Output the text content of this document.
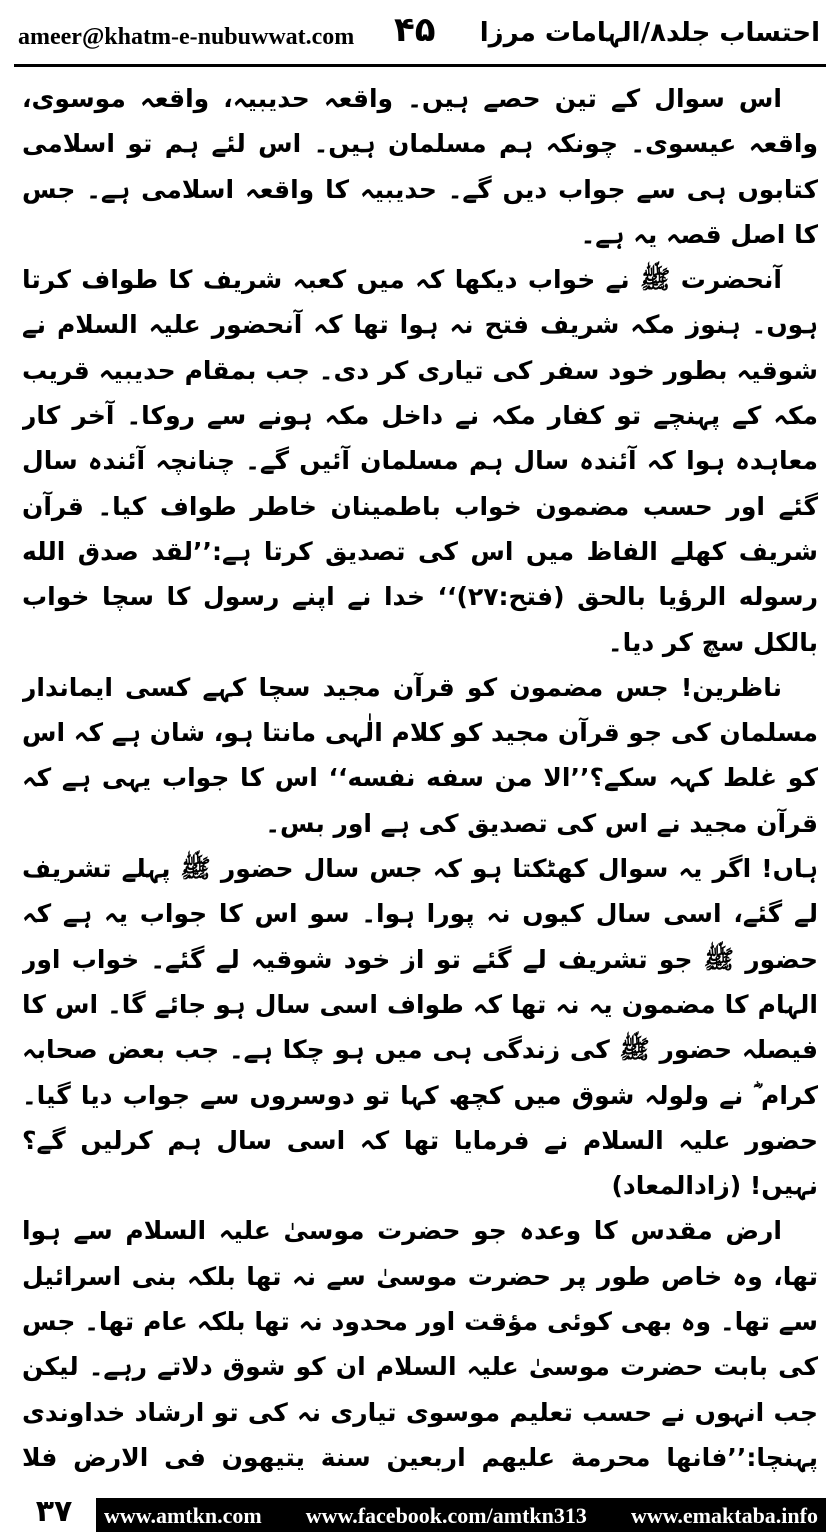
ameer@khatm-e-nubuwwat.com ۴۵ احتساب جلد۸/الہامات مرزا

اس سوال کے تین حصے ہیں۔ واقعہ حدیبیہ، واقعہ موسوی، واقعہ عیسوی۔ چونکہ ہم مسلمان ہیں۔ اس لئے ہم تو اسلامی کتابوں ہی سے جواب دیں گے۔ حدیبیہ کا واقعہ اسلامی ہے۔ جس کا اصل قصہ یہ ہے۔

آنحضرت ﷺ نے خواب دیکھا کہ میں کعبہ شریف کا طواف کرتا ہوں۔ ہنوز مکہ شریف فتح نہ ہوا تھا کہ آنحضور علیہ السلام نے شوقیہ بطور خود سفر کی تیاری کر دی۔ جب بمقام حدیبیہ قریب مکہ کے پہنچے تو کفار مکہ نے داخل مکہ ہونے سے روکا۔ آخر کار معاہدہ ہوا کہ آئندہ سال ہم مسلمان آئیں گے۔ چنانچہ آئندہ سال گئے اور حسب مضمون خواب باطمینان خاطر طواف کیا۔ قرآن شریف کھلے الفاظ میں اس کی تصدیق کرتا ہے:’’لقد صدق الله رسوله الرؤیا بالحق (فتح:۲۷)‘‘ خدا نے اپنے رسول کا سچا خواب بالکل سچ کر دیا۔

ناظرین! جس مضمون کو قرآن مجید سچا کہے کسی ایماندار مسلمان کی جو قرآن مجید کو کلام الٰہی مانتا ہو، شان ہے کہ اس کو غلط کہہ سکے؟’’الا من سفه نفسه‘‘ اس کا جواب یہی ہے کہ قرآن مجید نے اس کی تصدیق کی ہے اور بس۔

ہاں! اگر یہ سوال کھٹکتا ہو کہ جس سال حضور ﷺ پہلے تشریف لے گئے، اسی سال کیوں نہ پورا ہوا۔ سو اس کا جواب یہ ہے کہ حضور ﷺ جو تشریف لے گئے تو از خود شوقیہ لے گئے۔ خواب اور الہام کا مضمون یہ نہ تھا کہ طواف اسی سال ہو جائے گا۔ اس کا فیصلہ حضور ﷺ کی زندگی ہی میں ہو چکا ہے۔ جب بعض صحابہ کرام ؓ نے ولولہ شوق میں کچھ کہا تو دوسروں سے جواب دیا گیا۔ حضور علیہ السلام نے فرمایا تھا کہ اسی سال ہم کرلیں گے؟ نہیں! (زادالمعاد)

ارض مقدس کا وعدہ جو حضرت موسیٰ علیہ السلام سے ہوا تھا، وہ خاص طور پر حضرت موسیٰ سے نہ تھا بلکہ بنی اسرائیل سے تھا۔ وہ بھی کوئی مؤقت اور محدود نہ تھا بلکہ عام تھا۔ جس کی بابت حضرت موسیٰ علیہ السلام ان کو شوق دلاتے رہے۔ لیکن جب انہوں نے حسب تعلیم موسوی تیاری نہ کی تو ارشاد خداوندی پہنچا:’’فانها محرمة علیهم اربعین سنة یتیهون فی الارض فلا

۳۷	www.amtkn.com www.facebook.com/amtkn313 www.emaktaba.info
